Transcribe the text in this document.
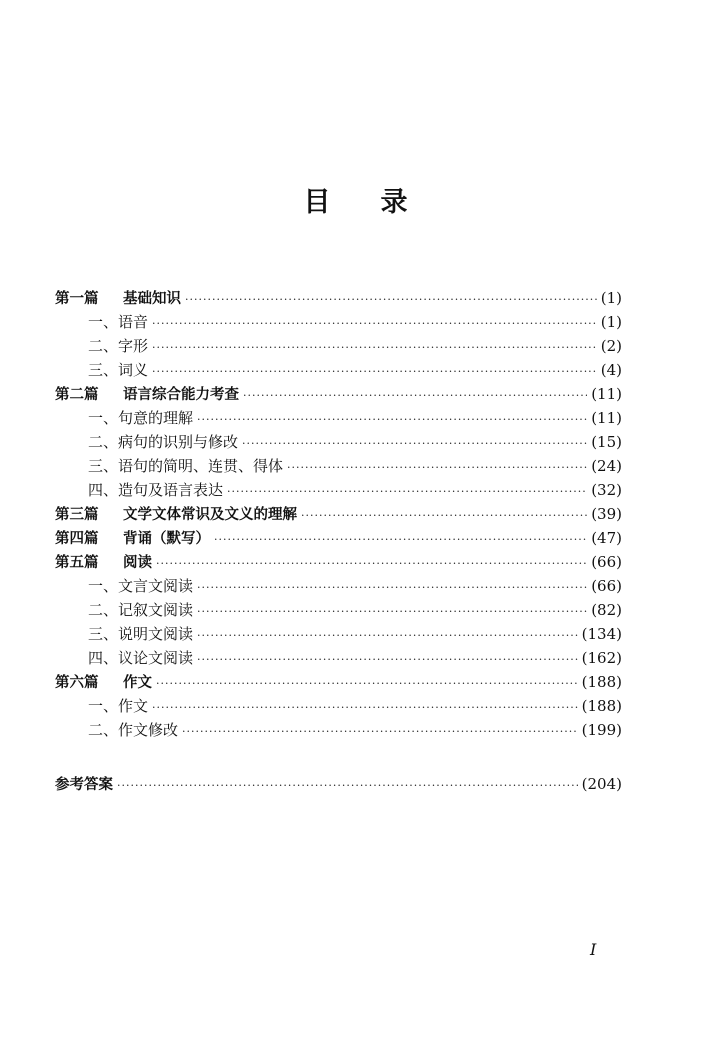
目 录
第一篇 基础知识 ·····	(1)
一、语音 ·····	(1)
二、字形 ·····	(2)
三、词义 ·····	(4)
第二篇 语言综合能力考查 ·····	(11)
一、句意的理解 ·····	(11)
二、病句的识别与修改 ·····	(15)
三、语句的简明、连贯、得体 ·····	(24)
四、造句及语言表达 ·····	(32)
第三篇 文学文体常识及文义的理解 ·····	(39)
第四篇 背诵（默写） ·····	(47)
第五篇 阅读 ·····	(66)
一、文言文阅读 ·····	(66)
二、记叙文阅读 ·····	(82)
三、说明文阅读 ·····	(134)
四、议论文阅读 ·····	(162)
第六篇 作文 ·····	(188)
一、作文 ·····	(188)
二、作文修改 ·····	(199)
参考答案 ·····	(204)
I
